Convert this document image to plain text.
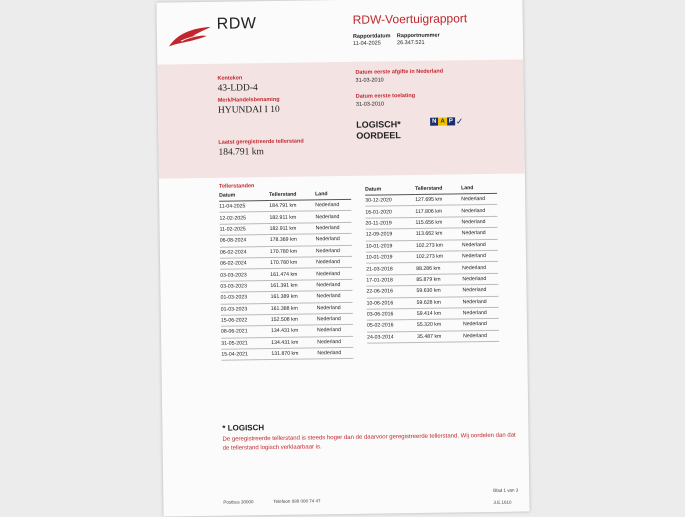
RDW	RDW-Voertuigrapport
Rapportdatum
11-04-2025
Rapportnummer
26.347.521
Kenteken
43-LDD-4
Merk/Handelsbenaming
HYUNDAI I 10
Laatst geregistreerde tellerstand
184.791 km
Datum eerste afgifte in Nederland
31-03-2010
Datum eerste toelating
31-03-2010
LOGISCH*
OORDEEL
N A P ✓
Tellerstanden
Datum	Tellerstand	Land
11-04-2025	184.791 km	Nederland
12-02-2025	182.911 km	Nederland
11-02-2025	182.911 km	Nederland
06-08-2024	178.369 km	Nederland
06-02-2024	170.780 km	Nederland
06-02-2024	170.780 km	Nederland
03-03-2023	161.474 km	Nederland
03-03-2023	161.391 km	Nederland
01-03-2023	161.389 km	Nederland
01-03-2023	161.388 km	Nederland
15-06-2022	152.508 km	Nederland
08-06-2021	134.431 km	Nederland
31-05-2021	134.431 km	Nederland
15-04-2021	131.870 km	Nederland
Datum	Tellerstand	Land
30-12-2020	127.695 km	Nederland
16-01-2020	117.806 km	Nederland
20-11-2019	115.656 km	Nederland
12-09-2019	113.662 km	Nederland
10-01-2019	102.273 km	Nederland
10-01-2019	102.273 km	Nederland
21-03-2018	88.286 km	Nederland
17-01-2018	85.879 km	Nederland
22-06-2016	59.630 km	Nederland
10-06-2016	59.628 km	Nederland
03-06-2016	59.414 km	Nederland
05-02-2016	55.320 km	Nederland
24-03-2014	35.487 km	Nederland
* LOGISCH
De geregistreerde tellerstand is steeds hoger dan de daarvoor geregistreerde tellerstand. Wij oordelen dan dat de tellerstand logisch verklaarbaar is.
Postbus 30000	Telefoon 088 008 74 47
Blad 1 van 3
3.E.1610
